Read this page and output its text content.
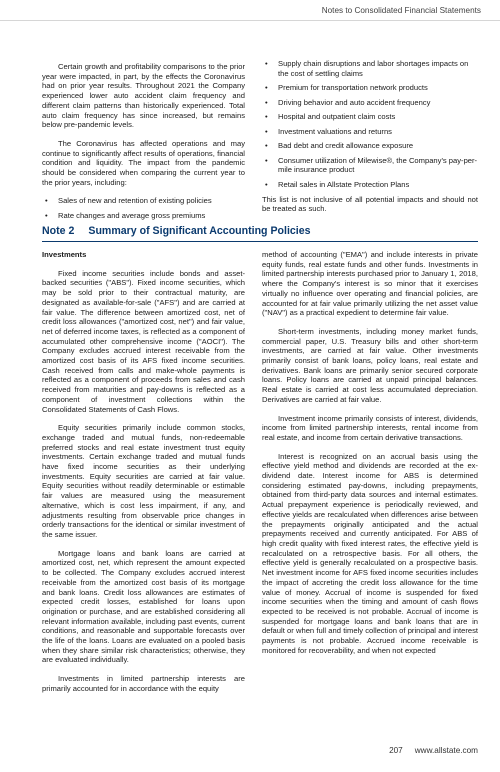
Notes to Consolidated Financial Statements

Certain growth and profitability comparisons to the prior year were impacted, in part, by the effects the Coronavirus had on prior year results. Throughout 2021 the Company experienced lower auto accident claim frequency and different claim patterns than historically experienced. Total auto claim frequency has since increased, but remains below pre-pandemic levels.

The Coronavirus has affected operations and may continue to significantly affect results of operations, financial condition and liquidity. The impact from the pandemic should be considered when comparing the current year to the prior years, including:

• Sales of new and retention of existing policies
• Rate changes and average gross premiums
• Supply chain disruptions and labor shortages impacts on the cost of settling claims
• Premium for transportation network products
• Driving behavior and auto accident frequency
• Hospital and outpatient claim costs
• Investment valuations and returns
• Bad debt and credit allowance exposure
• Consumer utilization of Milewise®, the Company's pay-per-mile insurance product
• Retail sales in Allstate Protection Plans

This list is not inclusive of all potential impacts and should not be treated as such.

Note 2 Summary of Significant Accounting Policies

Investments

Fixed income securities include bonds and asset-backed securities ("ABS"). Fixed income securities, which may be sold prior to their contractual maturity, are designated as available-for-sale ("AFS") and are carried at fair value. The difference between amortized cost, net of credit loss allowances ("amortized cost, net") and fair value, net of deferred income taxes, is reflected as a component of accumulated other comprehensive income ("AOCI"). The Company excludes accrued interest receivable from the amortized cost basis of its AFS fixed income securities. Cash received from calls and make-whole payments is reflected as a component of proceeds from sales and cash received from maturities and pay-downs is reflected as a component of investment collections within the Consolidated Statements of Cash Flows.

Equity securities primarily include common stocks, exchange traded and mutual funds, non-redeemable preferred stocks and real estate investment trust equity investments. Certain exchange traded and mutual funds have fixed income securities as their underlying investments. Equity securities are carried at fair value. Equity securities without readily determinable or estimable fair values are measured using the measurement alternative, which is cost less impairment, if any, and adjustments resulting from observable price changes in orderly transactions for the identical or similar investment of the same issuer.

Mortgage loans and bank loans are carried at amortized cost, net, which represent the amount expected to be collected. The Company excludes accrued interest receivable from the amortized cost basis of its mortgage and bank loans. Credit loss allowances are estimates of expected credit losses, established for loans upon origination or purchase, and are established considering all relevant information available, including past events, current conditions, and reasonable and supportable forecasts over the life of the loans. Loans are evaluated on a pooled basis when they share similar risk characteristics; otherwise, they are evaluated individually.

Investments in limited partnership interests are primarily accounted for in accordance with the equity

method of accounting ("EMA") and include interests in private equity funds, real estate funds and other funds. Investments in limited partnership interests purchased prior to January 1, 2018, where the Company's interest is so minor that it exercises virtually no influence over operating and financial policies, are accounted for at fair value primarily utilizing the net asset value ("NAV") as a practical expedient to determine fair value.

Short-term investments, including money market funds, commercial paper, U.S. Treasury bills and other short-term investments, are carried at fair value. Other investments primarily consist of bank loans, policy loans, real estate and derivatives. Bank loans are primarily senior secured corporate loans. Policy loans are carried at unpaid principal balances. Real estate is carried at cost less accumulated depreciation. Derivatives are carried at fair value.

Investment income primarily consists of interest, dividends, income from limited partnership interests, rental income from real estate, and income from certain derivative transactions.

Interest is recognized on an accrual basis using the effective yield method and dividends are recorded at the ex-dividend date. Interest income for ABS is determined considering estimated pay-downs, including prepayments, obtained from third-party data sources and internal estimates. Actual prepayment experience is periodically reviewed, and effective yields are recalculated when differences arise between the prepayments originally anticipated and the actual prepayments received and currently anticipated. For ABS of high credit quality with fixed interest rates, the effective yield is recalculated on a retrospective basis. For all others, the effective yield is generally recalculated on a prospective basis. Net investment income for AFS fixed income securities includes the impact of accreting the credit loss allowance for the time value of money. Accrual of income is suspended for fixed income securities when the timing and amount of cash flows expected to be received is not probable. Accrual of income is suspended for mortgage loans and bank loans that are in default or when full and timely collection of principal and interest payments is not probable. Accrued income receivable is monitored for recoverability, and when not expected

207 www.allstate.com
